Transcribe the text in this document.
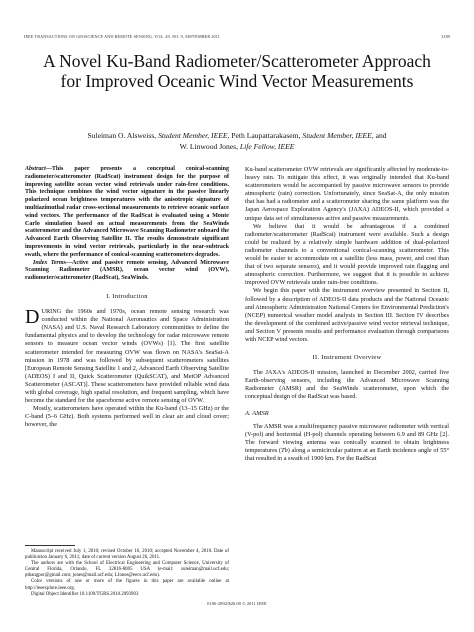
IEEE TRANSACTIONS ON GEOSCIENCE AND REMOTE SENSING, VOL. 49, NO. 9, SEPTEMBER 2011	3189
A Novel Ku-Band Radiometer/Scatterometer Approach for Improved Oceanic Wind Vector Measurements
Suleiman O. Alsweiss, Student Member, IEEE, Peth Laupattarakasem, Student Member, IEEE, and
W. Linwood Jones, Life Fellow, IEEE

Abstract—This paper presents a conceptual conical-scanning radiometer/scatterometer (RadScat) instrument design for the purpose of improving satellite ocean vector wind retrievals under rain-free conditions. This technique combines the wind vector signature in the passive linearly polarized ocean brightness temperatures with the anisotropic signature of multiazimuthal radar cross-sectional measurements to retrieve oceanic surface wind vectors. The performance of the RadScat is evaluated using a Monte Carlo simulation based on actual measurements from the SeaWinds scatterometer and the Advanced Microwave Scanning Radiometer onboard the Advanced Earth Observing Satellite II. The results demonstrate significant improvements in wind vector retrievals, particularly in the near-subtrack swath, where the performance of conical-scanning scatterometers degrades.

Index Terms—Active and passive remote sensing, Advanced Microwave Scanning Radiometer (AMSR), ocean vector wind (OVW), radiometer/scatterometer (RadScat), SeaWinds.

I. Introduction

DURING the 1960s and 1970s, ocean remote sensing research was conducted within the National Aeronautics and Space Administration (NASA) and U.S. Naval Research Laboratory communities to define the fundamental physics and to develop the technology for radar microwave remote sensors to measure ocean vector winds (OVWs) [1]. The first satellite scatterometer intended for measuring OVW was flown on NASA's SeaSat-A mission in 1978 and was followed by subsequent scatterometers satellites [European Remote Sensing Satellite 1 and 2, Advanced Earth Observing Satellite (ADEOS) I and II, Quick Scatterometer (QuikSCAT), and MetOP Advanced Scatterometer (ASCAT)]. These scatterometers have provided reliable wind data with global coverage, high spatial resolution, and frequent sampling, which have become the standard for the spaceborne active remote sensing of OVW.

Mostly, scatterometers have operated within the Ku-band (13–15 GHz) or the C-band (5–6 GHz). Both systems performed well in clear air and cloud cover; however, the

Manuscript received July 1, 2010; revised October 16, 2010; accepted November 4, 2010. Date of publication January 6, 2011; date of current version August 26, 2011.

The authors are with the School of Electrical Engineering and Computer Science, University of Central Florida, Orlando, FL 32816-8005 USA (e-mail: suleiman@mail.ucf.edu; pthangpor@gmail.com; jones@mail.ucf.edu; LJones@eecs.ucf.edu).

Color versions of one or more of the figures in this paper are available online at http://ieeexplore.ieee.org.

Digital Object Identifier 10.1109/TGRS.2010.2093903

Ku-band scatterometer OVW retrievals are significantly affected by moderate-to-heavy rain. To mitigate this effect, it was originally intended that Ku-band scatterometers would be accompanied by passive microwave sensors to provide atmospheric (rain) correction. Unfortunately, since SeaSat-A, the only mission that has had a radiometer and a scatterometer sharing the same platform was the Japan Aerospace Exploration Agency's (JAXA) ADEOS-II, which provided a unique data set of simultaneous active and passive measurements.

We believe that it would be advantageous if a combined radiometer/scatterometer (RadScat) instrument were available. Such a design could be realized by a relatively simple hardware addition of dual-polarized radiometer channels to a conventional conical-scanning scatterometer. This would be easier to accommodate on a satellite (less mass, power, and cost than that of two separate sensors), and it would provide improved rain flagging and atmospheric correction. Furthermore, we suggest that it is possible to achieve improved OVW retrievals under rain-free conditions.

We begin this paper with the instrument overview presented in Section II, followed by a description of ADEOS-II data products and the National Oceanic and Atmospheric Administration National Centers for Environmental Prediction's (NCEP) numerical weather model analysis in Section III. Section IV describes the development of the combined active/passive wind vector retrieval technique, and Section V presents results and performance evaluation through comparisons with NCEP wind vectors.

II. Instrument Overview

The JAXA's ADEOS-II mission, launched in December 2002, carried five Earth-observing sensors, including the Advanced Microwave Scanning Radiometer (AMSR) and the SeaWinds scatterometer, upon which the conceptual design of the RadScat was based.

A. AMSR

The AMSR was a multifrequency passive microwave radiometer with vertical (V-pol) and horizontal (H-pol) channels operating between 6.9 and 89 GHz [2]. The forward viewing antenna was conically scanned to obtain brightness temperatures (Tb) along a semicircular pattern at an Earth incidence angle of 55° that resulted in a swath of 1900 km. For the RadScat

0196-2892/$26.00 © 2011 IEEE
